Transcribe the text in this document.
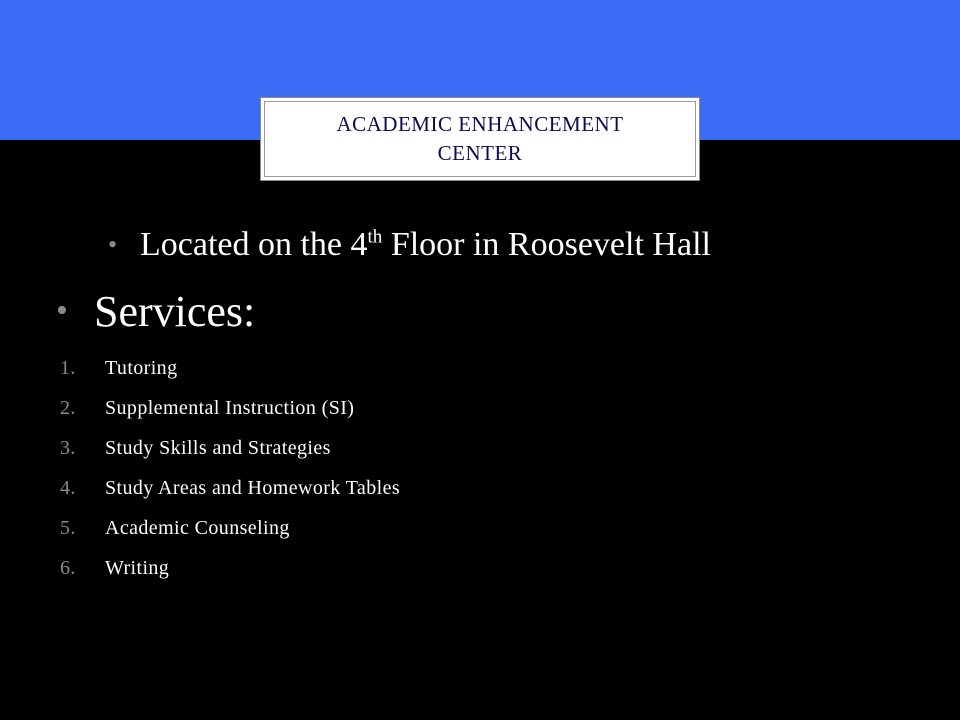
ACADEMIC ENHANCEMENT CENTER
• Located on the 4th Floor in Roosevelt Hall
• Services:
1.	Tutoring
2.	Supplemental Instruction (SI)
3.	Study Skills and Strategies
4.	Study Areas and Homework Tables
5.	Academic Counseling
6.	Writing
